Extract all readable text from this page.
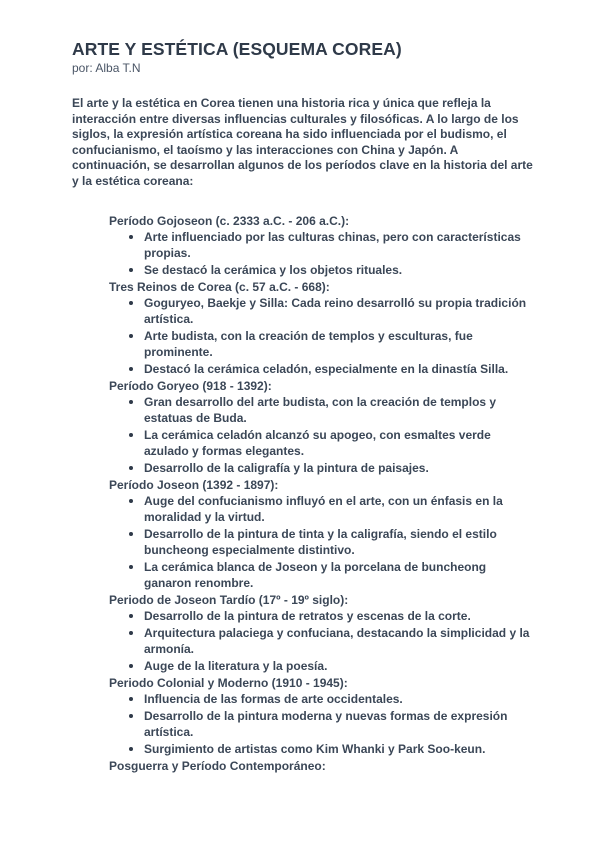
ARTE Y ESTÉTICA (ESQUEMA COREA)
por: Alba T.N

El arte y la estética en Corea tienen una historia rica y única que refleja la interacción entre diversas influencias culturales y filosóficas. A lo largo de los siglos, la expresión artística coreana ha sido influenciada por el budismo, el confucianismo, el taoísmo y las interacciones con China y Japón. A continuación, se desarrollan algunos de los períodos clave en la historia del arte y la estética coreana:

Período Gojoseon (c. 2333 a.C. - 206 a.C.):
Arte influenciado por las culturas chinas, pero con características propias.
Se destacó la cerámica y los objetos rituales.
Tres Reinos de Corea (c. 57 a.C. - 668):
Goguryeo, Baekje y Silla: Cada reino desarrolló su propia tradición artística.
Arte budista, con la creación de templos y esculturas, fue prominente.
Destacó la cerámica celadón, especialmente en la dinastía Silla.
Período Goryeo (918 - 1392):
Gran desarrollo del arte budista, con la creación de templos y estatuas de Buda.
La cerámica celadón alcanzó su apogeo, con esmaltes verde azulado y formas elegantes.
Desarrollo de la caligrafía y la pintura de paisajes.
Período Joseon (1392 - 1897):
Auge del confucianismo influyó en el arte, con un énfasis en la moralidad y la virtud.
Desarrollo de la pintura de tinta y la caligrafía, siendo el estilo buncheong especialmente distintivo.
La cerámica blanca de Joseon y la porcelana de buncheong ganaron renombre.
Periodo de Joseon Tardío (17º - 19º siglo):
Desarrollo de la pintura de retratos y escenas de la corte.
Arquitectura palaciega y confuciana, destacando la simplicidad y la armonía.
Auge de la literatura y la poesía.
Periodo Colonial y Moderno (1910 - 1945):
Influencia de las formas de arte occidentales.
Desarrollo de la pintura moderna y nuevas formas de expresión artística.
Surgimiento de artistas como Kim Whanki y Park Soo-keun.
Posguerra y Período Contemporáneo:
